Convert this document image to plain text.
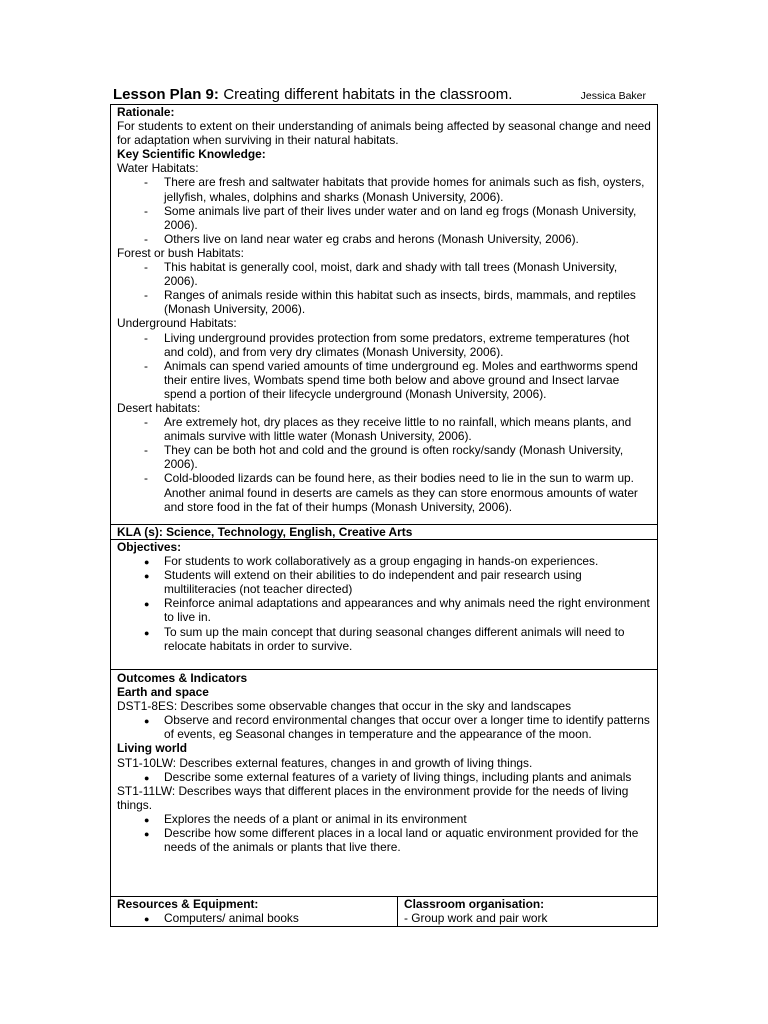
Lesson Plan 9: Creating different habitats in the classroom.	Jessica Baker

Rationale:

For students to extent on their understanding of animals being affected by seasonal change and need for adaptation when surviving in their natural habitats.

Key Scientific Knowledge:

Water Habitats:

- There are fresh and saltwater habitats that provide homes for animals such as fish, oysters, jellyfish, whales, dolphins and sharks (Monash University, 2006).
- Some animals live part of their lives under water and on land eg frogs (Monash University, 2006).
- Others live on land near water eg crabs and herons (Monash University, 2006).

Forest or bush Habitats:

- This habitat is generally cool, moist, dark and shady with tall trees (Monash University, 2006).
- Ranges of animals reside within this habitat such as insects, birds, mammals, and reptiles (Monash University, 2006).

Underground Habitats:

- Living underground provides protection from some predators, extreme temperatures (hot and cold), and from very dry climates (Monash University, 2006).
- Animals can spend varied amounts of time underground eg. Moles and earthworms spend their entire lives, Wombats spend time both below and above ground and Insect larvae spend a portion of their lifecycle underground (Monash University, 2006).

Desert habitats:

- Are extremely hot, dry places as they receive little to no rainfall, which means plants, and animals survive with little water (Monash University, 2006).
- They can be both hot and cold and the ground is often rocky/sandy (Monash University, 2006).
- Cold-blooded lizards can be found here, as their bodies need to lie in the sun to warm up. Another animal found in deserts are camels as they can store enormous amounts of water and store food in the fat of their humps (Monash University, 2006).

KLA (s): Science, Technology, English, Creative Arts

Objectives:

● For students to work collaboratively as a group engaging in hands-on experiences.
● Students will extend on their abilities to do independent and pair research using multiliteracies (not teacher directed)
● Reinforce animal adaptations and appearances and why animals need the right environment to live in.
● To sum up the main concept that during seasonal changes different animals will need to relocate habitats in order to survive.

Outcomes & Indicators

Earth and space

DST1-8ES: Describes some observable changes that occur in the sky and landscapes

● Observe and record environmental changes that occur over a longer time to identify patterns of events, eg Seasonal changes in temperature and the appearance of the moon.

Living world

ST1-10LW: Describes external features, changes in and growth of living things.

● Describe some external features of a variety of living things, including plants and animals

ST1-11LW: Describes ways that different places in the environment provide for the needs of living things.

● Explores the needs of a plant or animal in its environment
● Describe how some different places in a local land or aquatic environment provided for the needs of the animals or plants that live there.

Resources & Equipment:

● Computers/ animal books

Classroom organisation:

- Group work and pair work
